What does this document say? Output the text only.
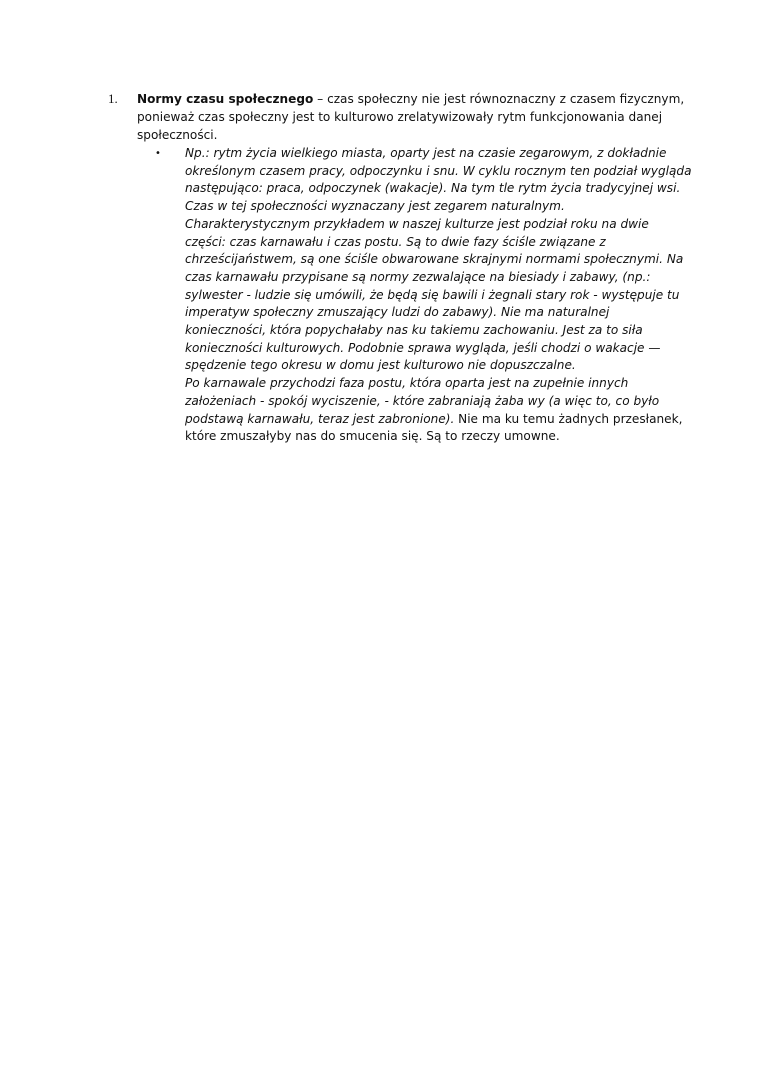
1. Normy czasu społecznego – czas społeczny nie jest równoznaczny z czasem fizycznym,
ponieważ czas społeczny jest to kulturowo zrelatywizowały rytm funkcjonowania danej
społeczności.
• Np.: rytm życia wielkiego miasta, oparty jest na czasie zegarowym, z dokładnie
określonym czasem pracy, odpoczynku i snu. W cyklu rocznym ten podział wygląda
następująco: praca, odpoczynek (wakacje). Na tym tle rytm życia tradycyjnej wsi.
Czas w tej społeczności wyznaczany jest zegarem naturalnym.
Charakterystycznym przykładem w naszej kulturze jest podział roku na dwie
części: czas karnawału i czas postu. Są to dwie fazy ściśle związane z
chrześcijaństwem, są one ściśle obwarowane skrajnymi normami społecznymi. Na
czas karnawału przypisane są normy zezwalające na biesiady i zabawy, (np.:
sylwester - ludzie się umówili, że będą się bawili i żegnali stary rok - występuje tu
imperatyw społeczny zmuszający ludzi do zabawy). Nie ma naturalnej
konieczności, która popychałaby nas ku takiemu zachowaniu. Jest za to siła
konieczności kulturowych. Podobnie sprawa wygląda, jeśli chodzi o wakacje —
spędzenie tego okresu w domu jest kulturowo nie dopuszczalne.
Po karnawale przychodzi faza postu, która oparta jest na zupełnie innych
założeniach - spokój wyciszenie, - które zabraniają żaba wy (a więc to, co było
podstawą karnawału, teraz jest zabronione). Nie ma ku temu żadnych przesłanek,
które zmuszałyby nas do smucenia się. Są to rzeczy umowne.
